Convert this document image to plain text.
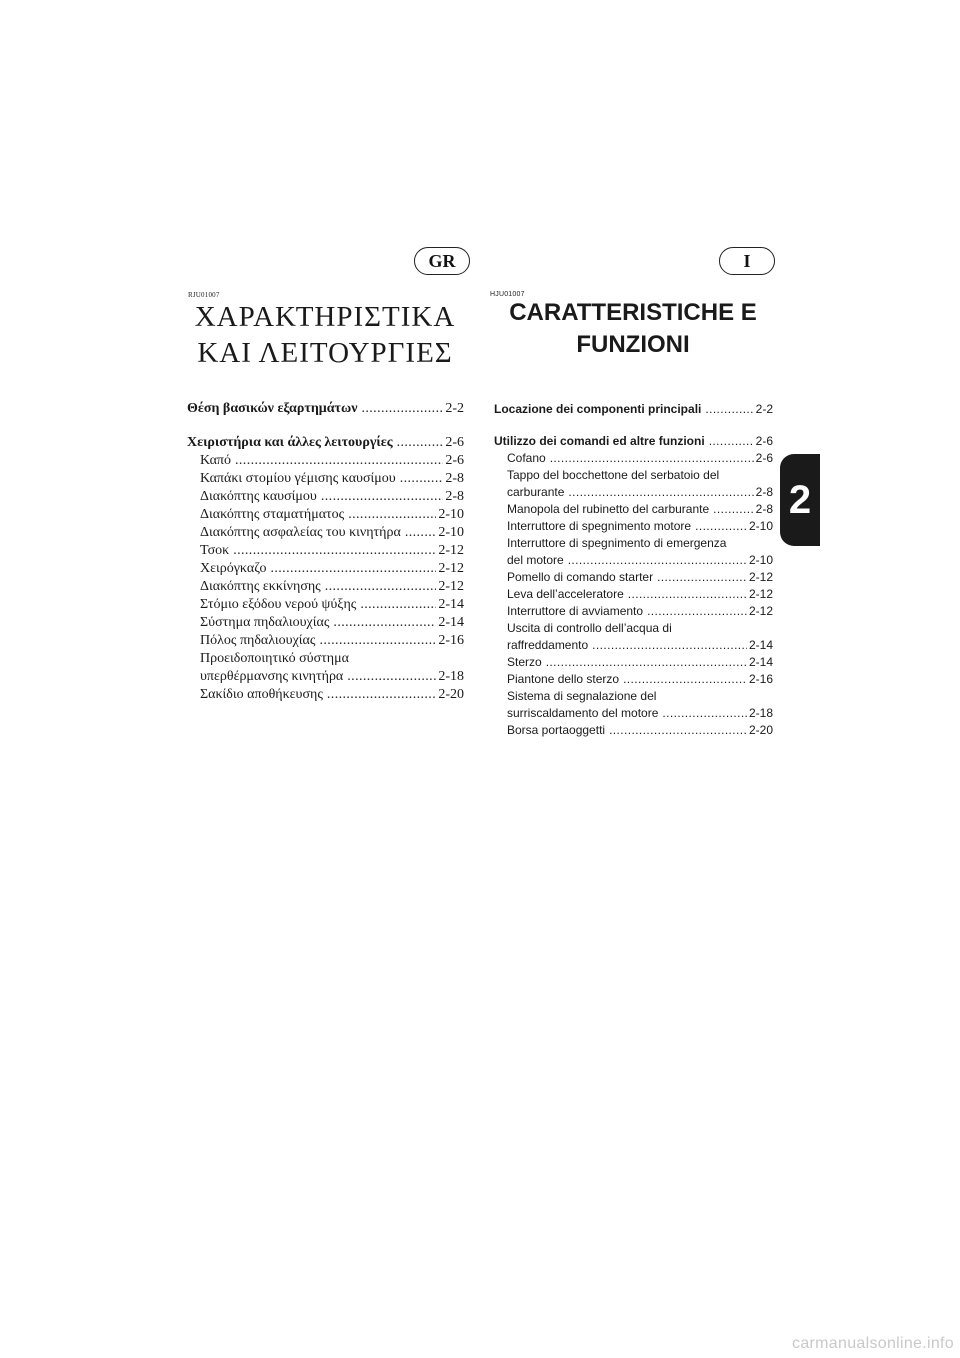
GR	I
RJU01007	HJU01007
ΧΑΡΑΚΤΗΡΙΣΤΙΚΑ
ΚΑΙ ΛΕΙΤΟΥΡΓΙΕΣ
CARATTERISTICHE E
FUNZIONI
Θέση βασικών εξαρτημάτων .....	2-2
Χειριστήρια και άλλες λειτουργίες .....	2-6
Καπό .....	2-6
Καπάκι στομίου γέμισης καυσίμου .....	2-8
Διακόπτης καυσίμου .....	2-8
Διακόπτης σταματήματος .....	2-10
Διακόπτης ασφαλείας του κινητήρα .....	2-10
Τσοκ .....	2-12
Χειρόγκαζο .....	2-12
Διακόπτης εκκίνησης .....	2-12
Στόμιο εξόδου νερού ψύξης .....	2-14
Σύστημα πηδαλιουχίας .....	2-14
Πόλος πηδαλιουχίας .....	2-16
Προειδοποιητικό σύστημα
υπερθέρμανσης κινητήρα .....	2-18
Σακίδιο αποθήκευσης .....	2-20
Locazione dei componenti principali .....	2-2
Utilizzo dei comandi ed altre funzioni .....	2-6
Cofano .....	2-6
Tappo del bocchettone del serbatoio del
carburante .....	2-8
Manopola del rubinetto del carburante .....	2-8
Interruttore di spegnimento motore .....	2-10
Interruttore di spegnimento di emergenza
del motore .....	2-10
Pomello di comando starter .....	2-12
Leva dell’acceleratore .....	2-12
Interruttore di avviamento .....	2-12
Uscita di controllo dell’acqua di
raffreddamento .....	2-14
Sterzo .....	2-14
Piantone dello sterzo .....	2-16
Sistema di segnalazione del
surriscaldamento del motore .....	2-18
Borsa portaoggetti .....	2-20
2
carmanualsonline.info
